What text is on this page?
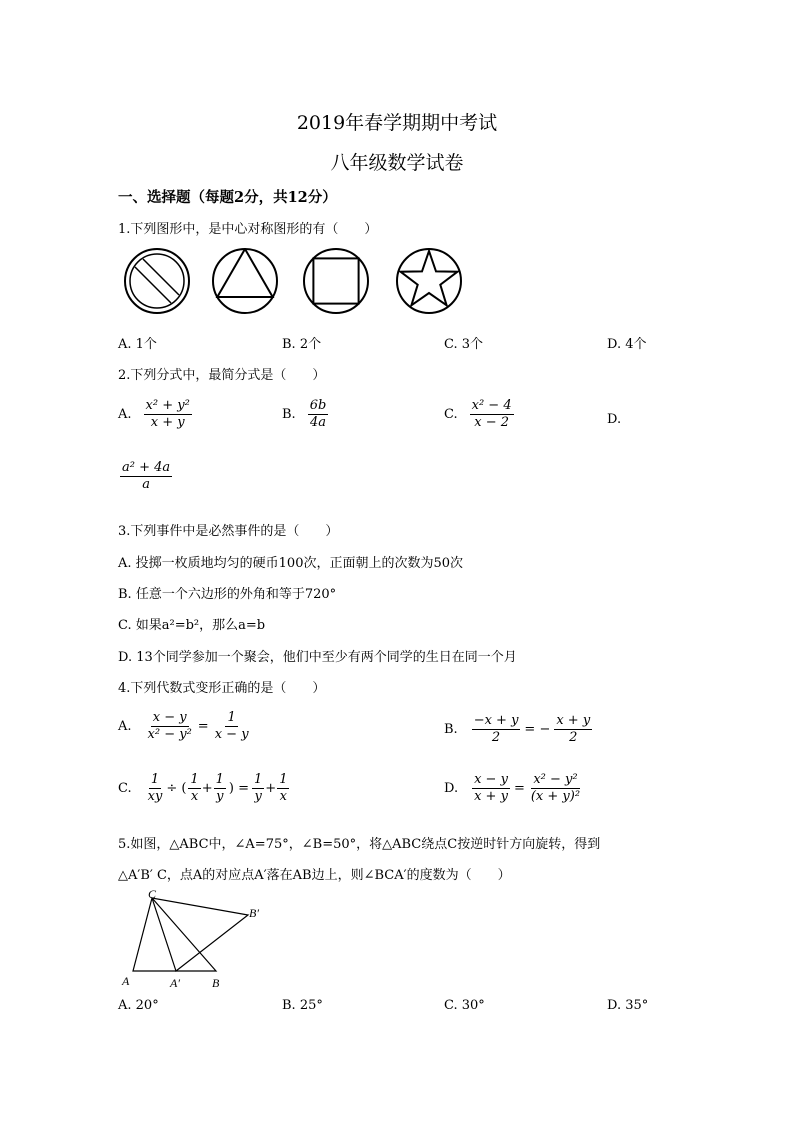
2019年春学期期中考试
八年级数学试卷
一、选择题（每题2分，共12分）
1.下列图形中，是中心对称图形的有（　　）
A. 1个	B. 2个	C. 3个	D. 4个
2.下列分式中，最简分式是（　　）
A. $\frac{\text{x² + y²}}{x + y}$	B. $\frac{6b}{4a}$	C. $\frac{\text{x² − 4}}{x - 2}$	D.
$\frac{\text{a² + 4a}}{a}$
3.下列事件中是必然事件的是（　　）
A. 投掷一枚质地均匀的硬币100次，正面朝上的次数为50次
B. 任意一个六边形的外角和等于720°
C. 如果a²=b²，那么a=b
D. 13个同学参加一个聚会，他们中至少有两个同学的生日在同一个月
4.下列代数式变形正确的是（　　）
A. $\frac{x - y}{\text{x² − y²}} = \frac{1}{x - y}$	B. $\frac{-x + y}{2}$ = − $\frac{x + y}{2}$
C. $\frac{1}{xy}$ ÷ ( $\frac{1}{x} + \frac{1}{y}$ ) = $\frac{1}{y} + \frac{1}{x}$	D. $\frac{x - y}{x + y} = \frac{\text{x² − y²}}{\text{(x + y)²}}$
5.如图，△ABC中，∠A=75°，∠B=50°，将△ABC绕点C按逆时针方向旋转，得到
△A′B′ C，点A的对应点A′落在AB边上，则∠BCA′的度数为（　　）
C
B′
A	A′	B
A. 20°	B. 25°	C. 30°	D. 35°
